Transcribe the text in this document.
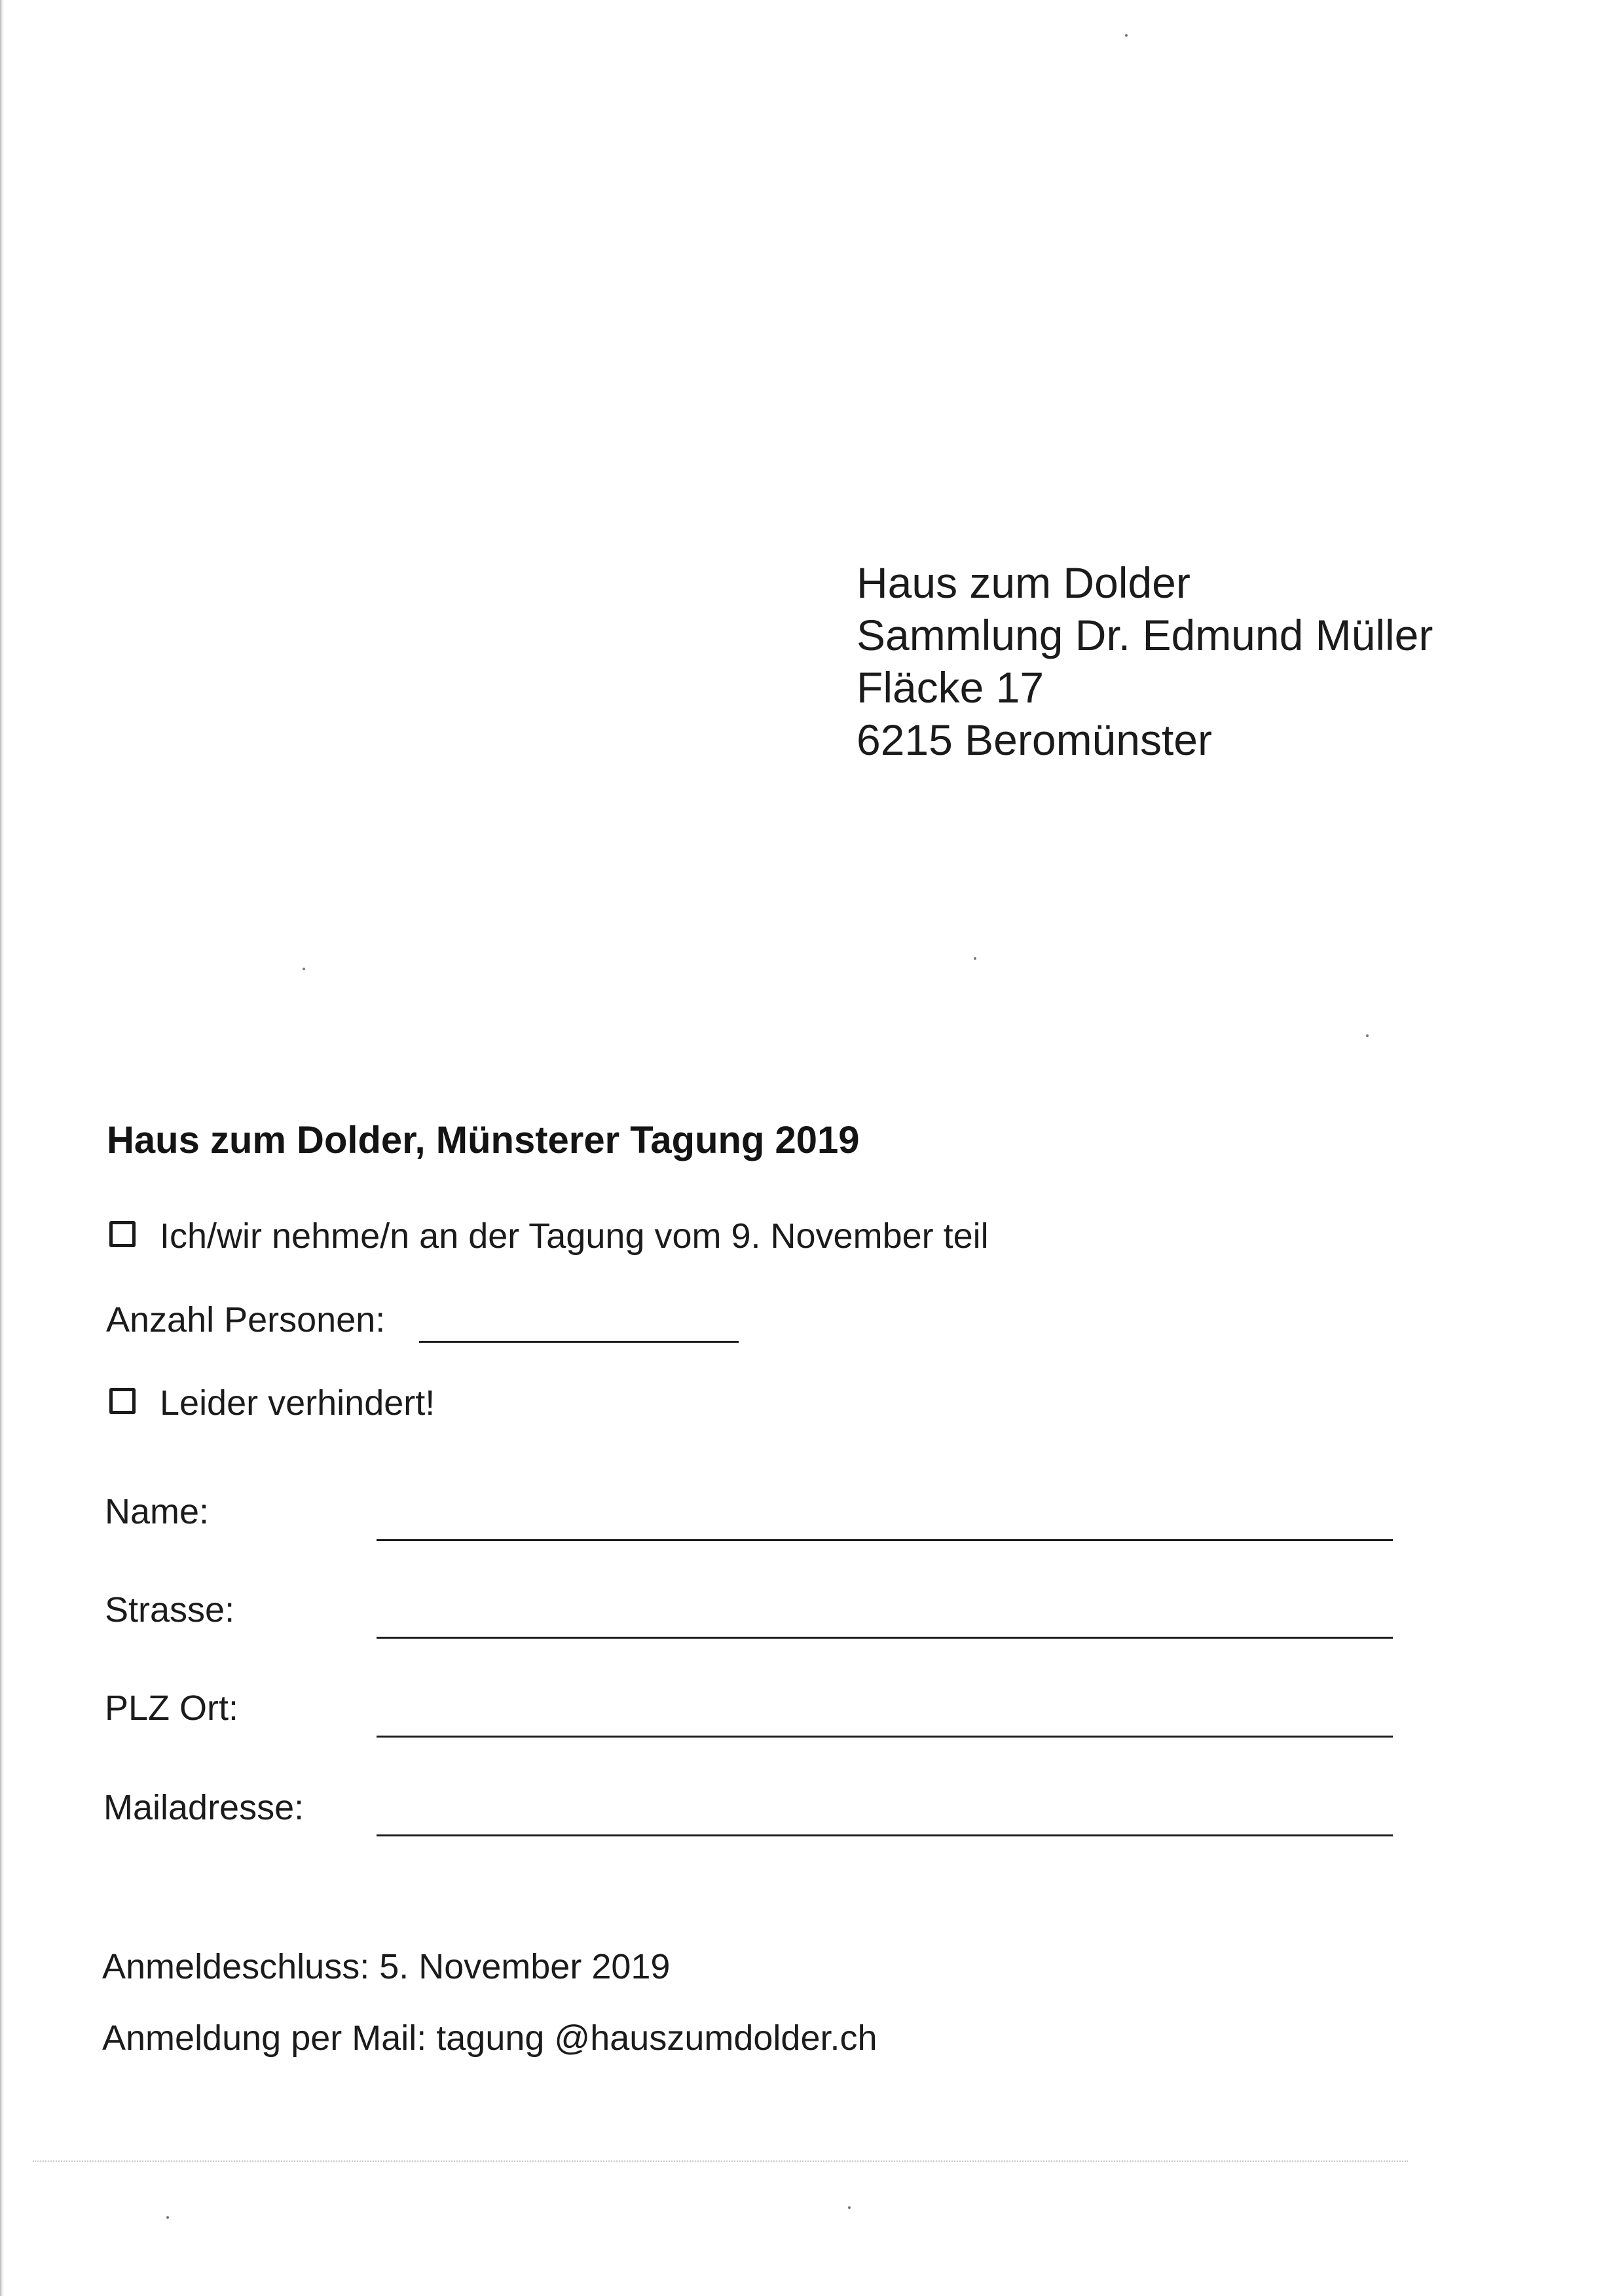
Haus zum Dolder
Sammlung Dr. Edmund Müller
Fläcke 17
6215 Beromünster
Haus zum Dolder, Münsterer Tagung 2019
Ich/wir nehme/n an der Tagung vom 9. November teil
Anzahl Personen:
Leider verhindert!
Name:
Strasse:
PLZ Ort:
Mailadresse:
Anmeldeschluss: 5. November 2019
Anmeldung per Mail: tagung @hauszumdolder.ch
